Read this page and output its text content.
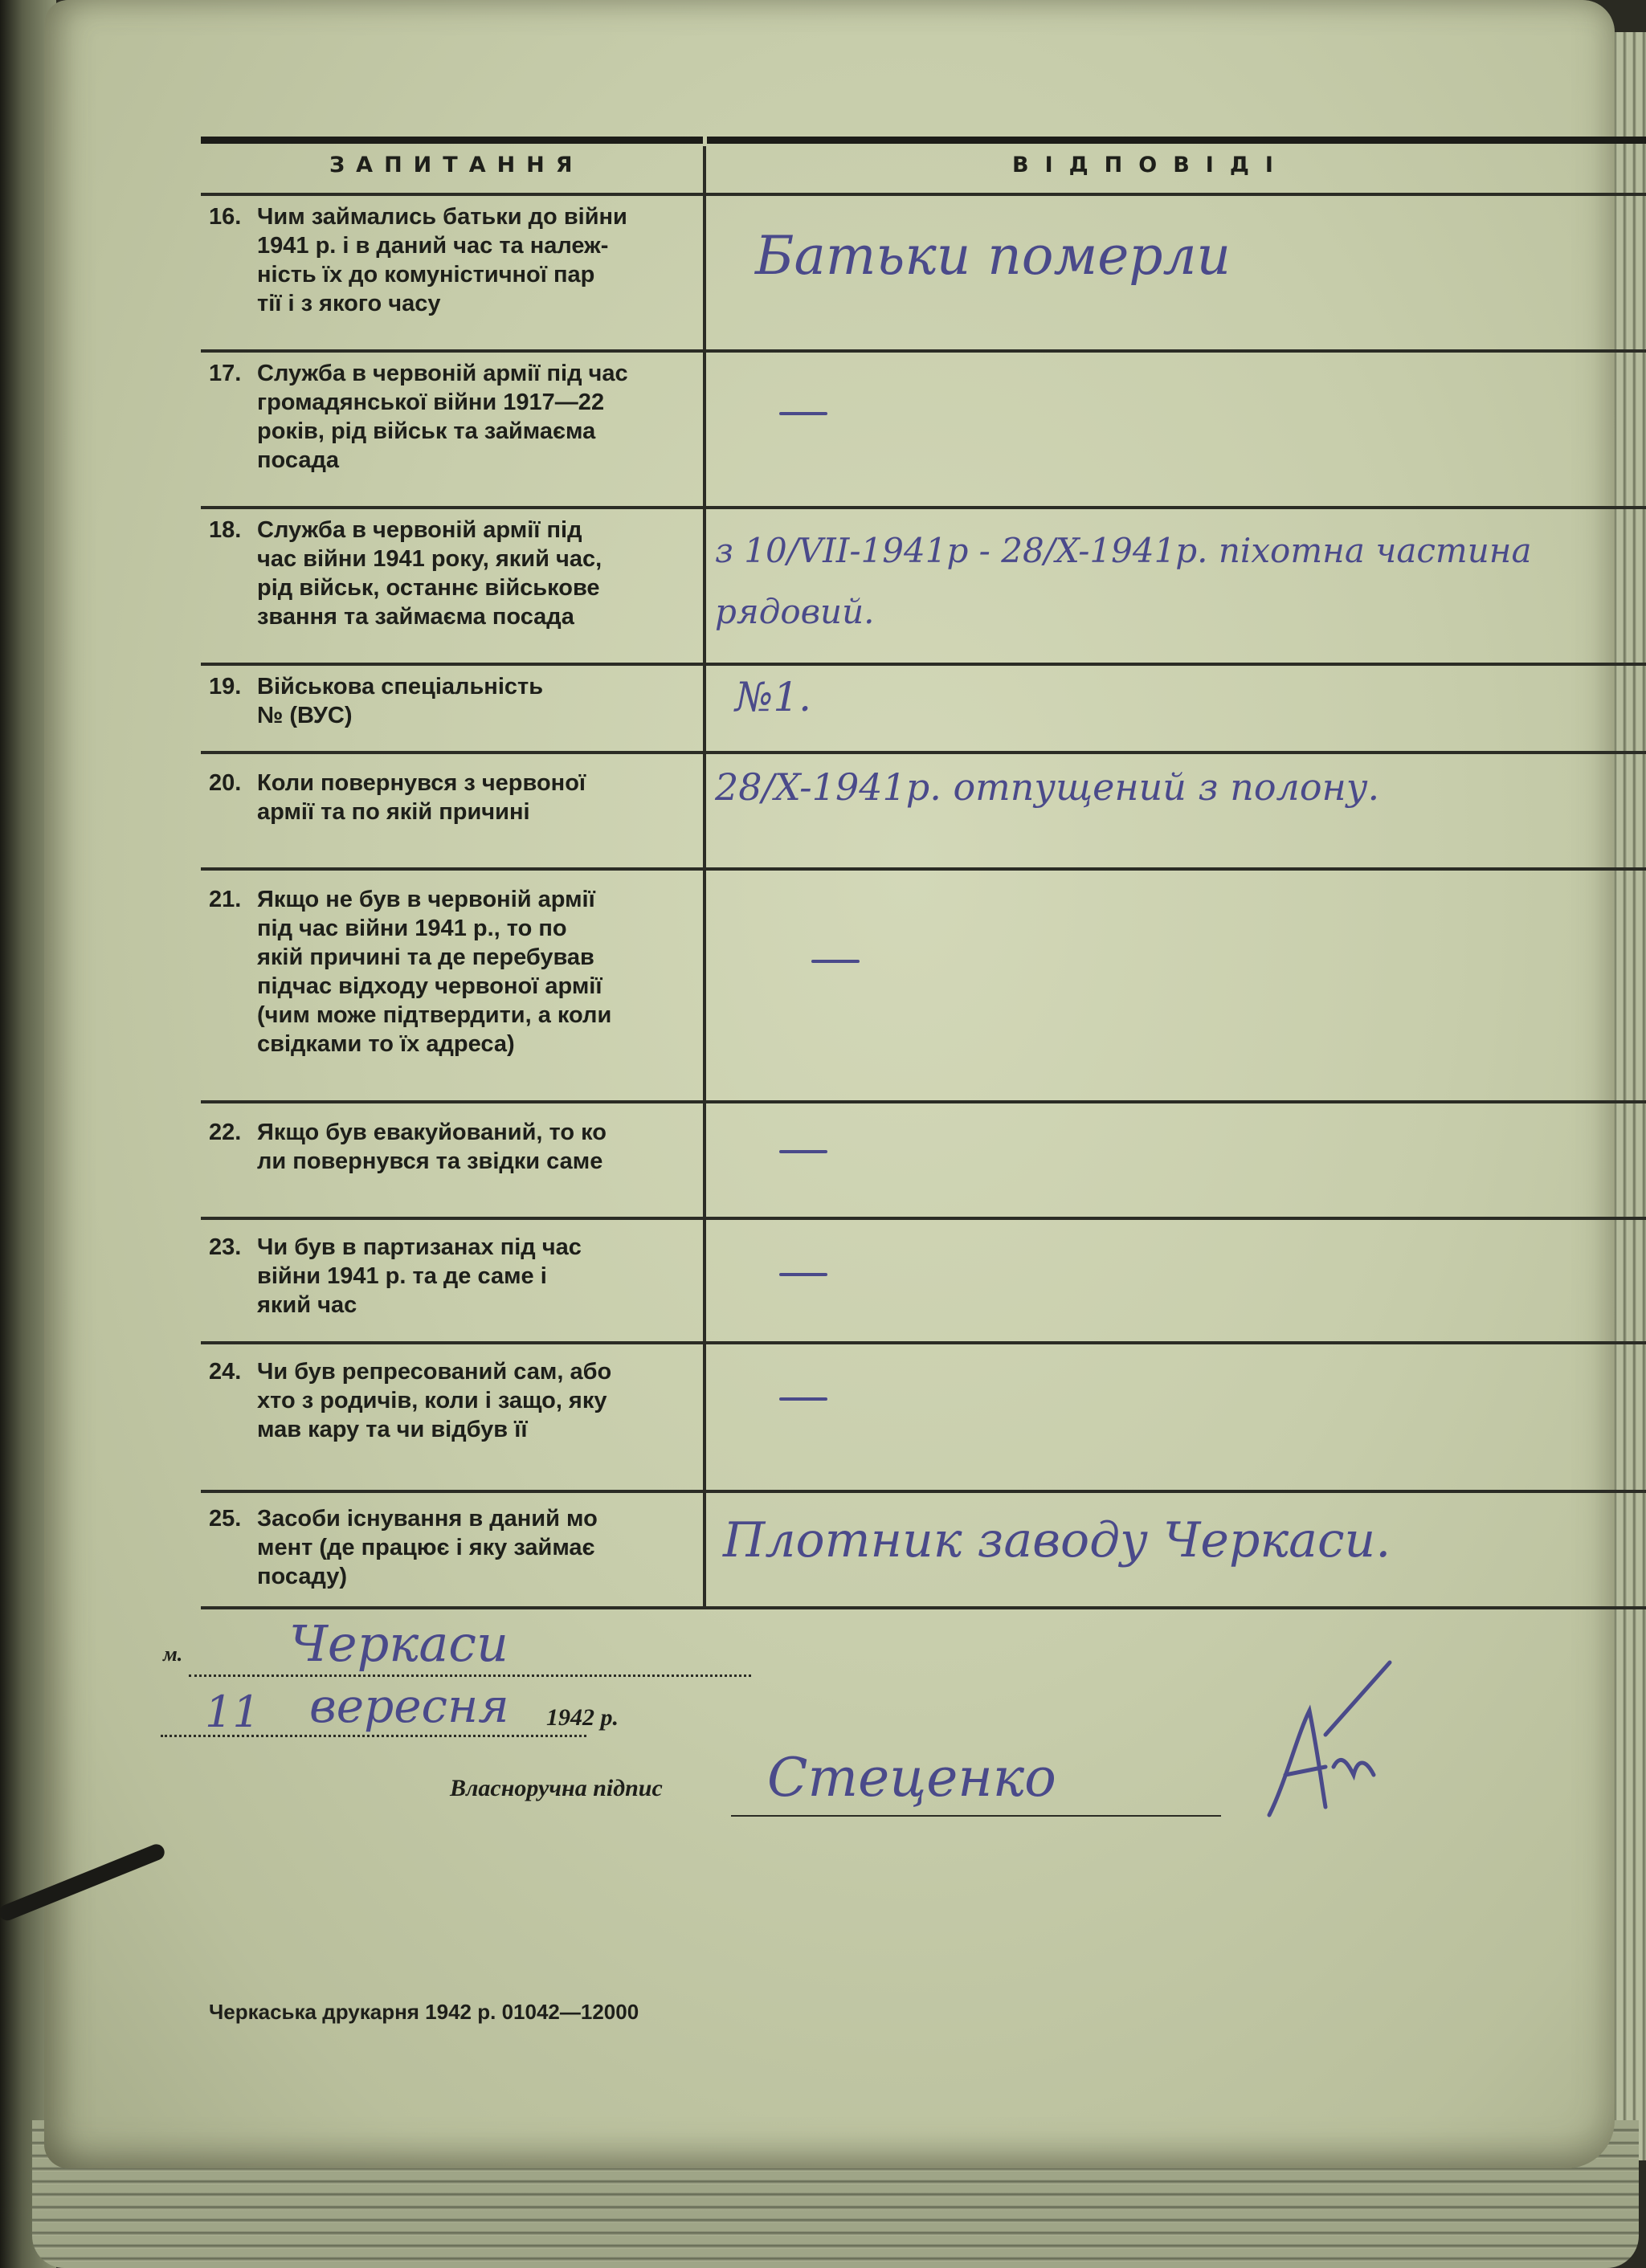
ЗАПИТАННЯ	ВІДПОВІДІ
16. Чим займались батьки до війни
1941 р. і в даний час та належ-
ність їх до комуністичної пар
тії і з якого часу
Батьки померли
17. Служба в червоній армії під час
громадянської війни 1917—22
років, рід військ та займаєма
посада
18. Служба в червоній армії під
час війни 1941 року, який час,
рід військ, останнє військове
звання та займаєма посада
з 10/VII-1941р - 28/X-1941р. піхотна частина рядовий.
19. Військова спеціальність
№ (ВУС)	№1.
20. Коли повернувся з червоної
армії та по якій причині
28/X-1941р. отпущений з полону.
21. Якщо не був в червоній армії
під час війни 1941 р., то по
якій причині та де перебував
підчас відходу червоної армії
(чим може підтвердити, а коли
свідками то їх адреса)
22. Якщо був евакуйований, то ко
ли повернувся та звідки саме
23. Чи був в партизанах під час
війни 1941 р. та де саме і
який час
24. Чи був репресований сам, або
хто з родичів, коли і защо, яку
мав кару та чи відбув її
25. Засоби існування в даний мо
мент (де працює і яку займає
посаду)
Плотник заводу Черкаси.
м. Черкаси
11 вересня 1942 р.
Власноручна підпис Стеценко
Черкаська друкарня 1942 р. 01042—12000
